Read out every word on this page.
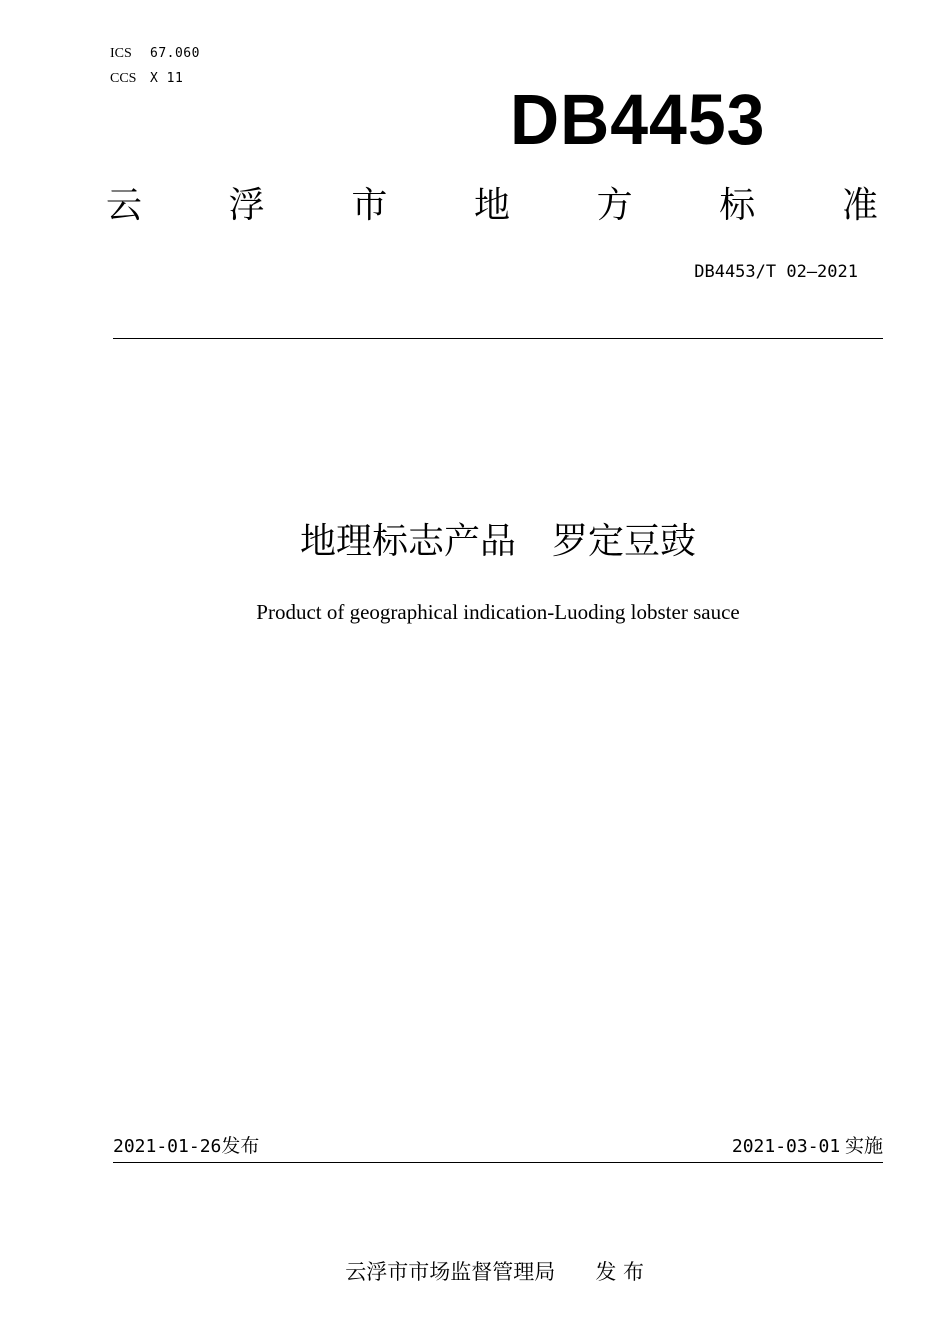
ICS	67.060
CCS	X 11
DB4453
云 浮 市 地 方 标 准
DB4453/T 02—2021
地理标志产品　罗定豆豉
Product of geographical indication-Luoding lobster sauce
2021-01-26发布	2021-03-01 实施

云浮市市场监督管理局 发 布
